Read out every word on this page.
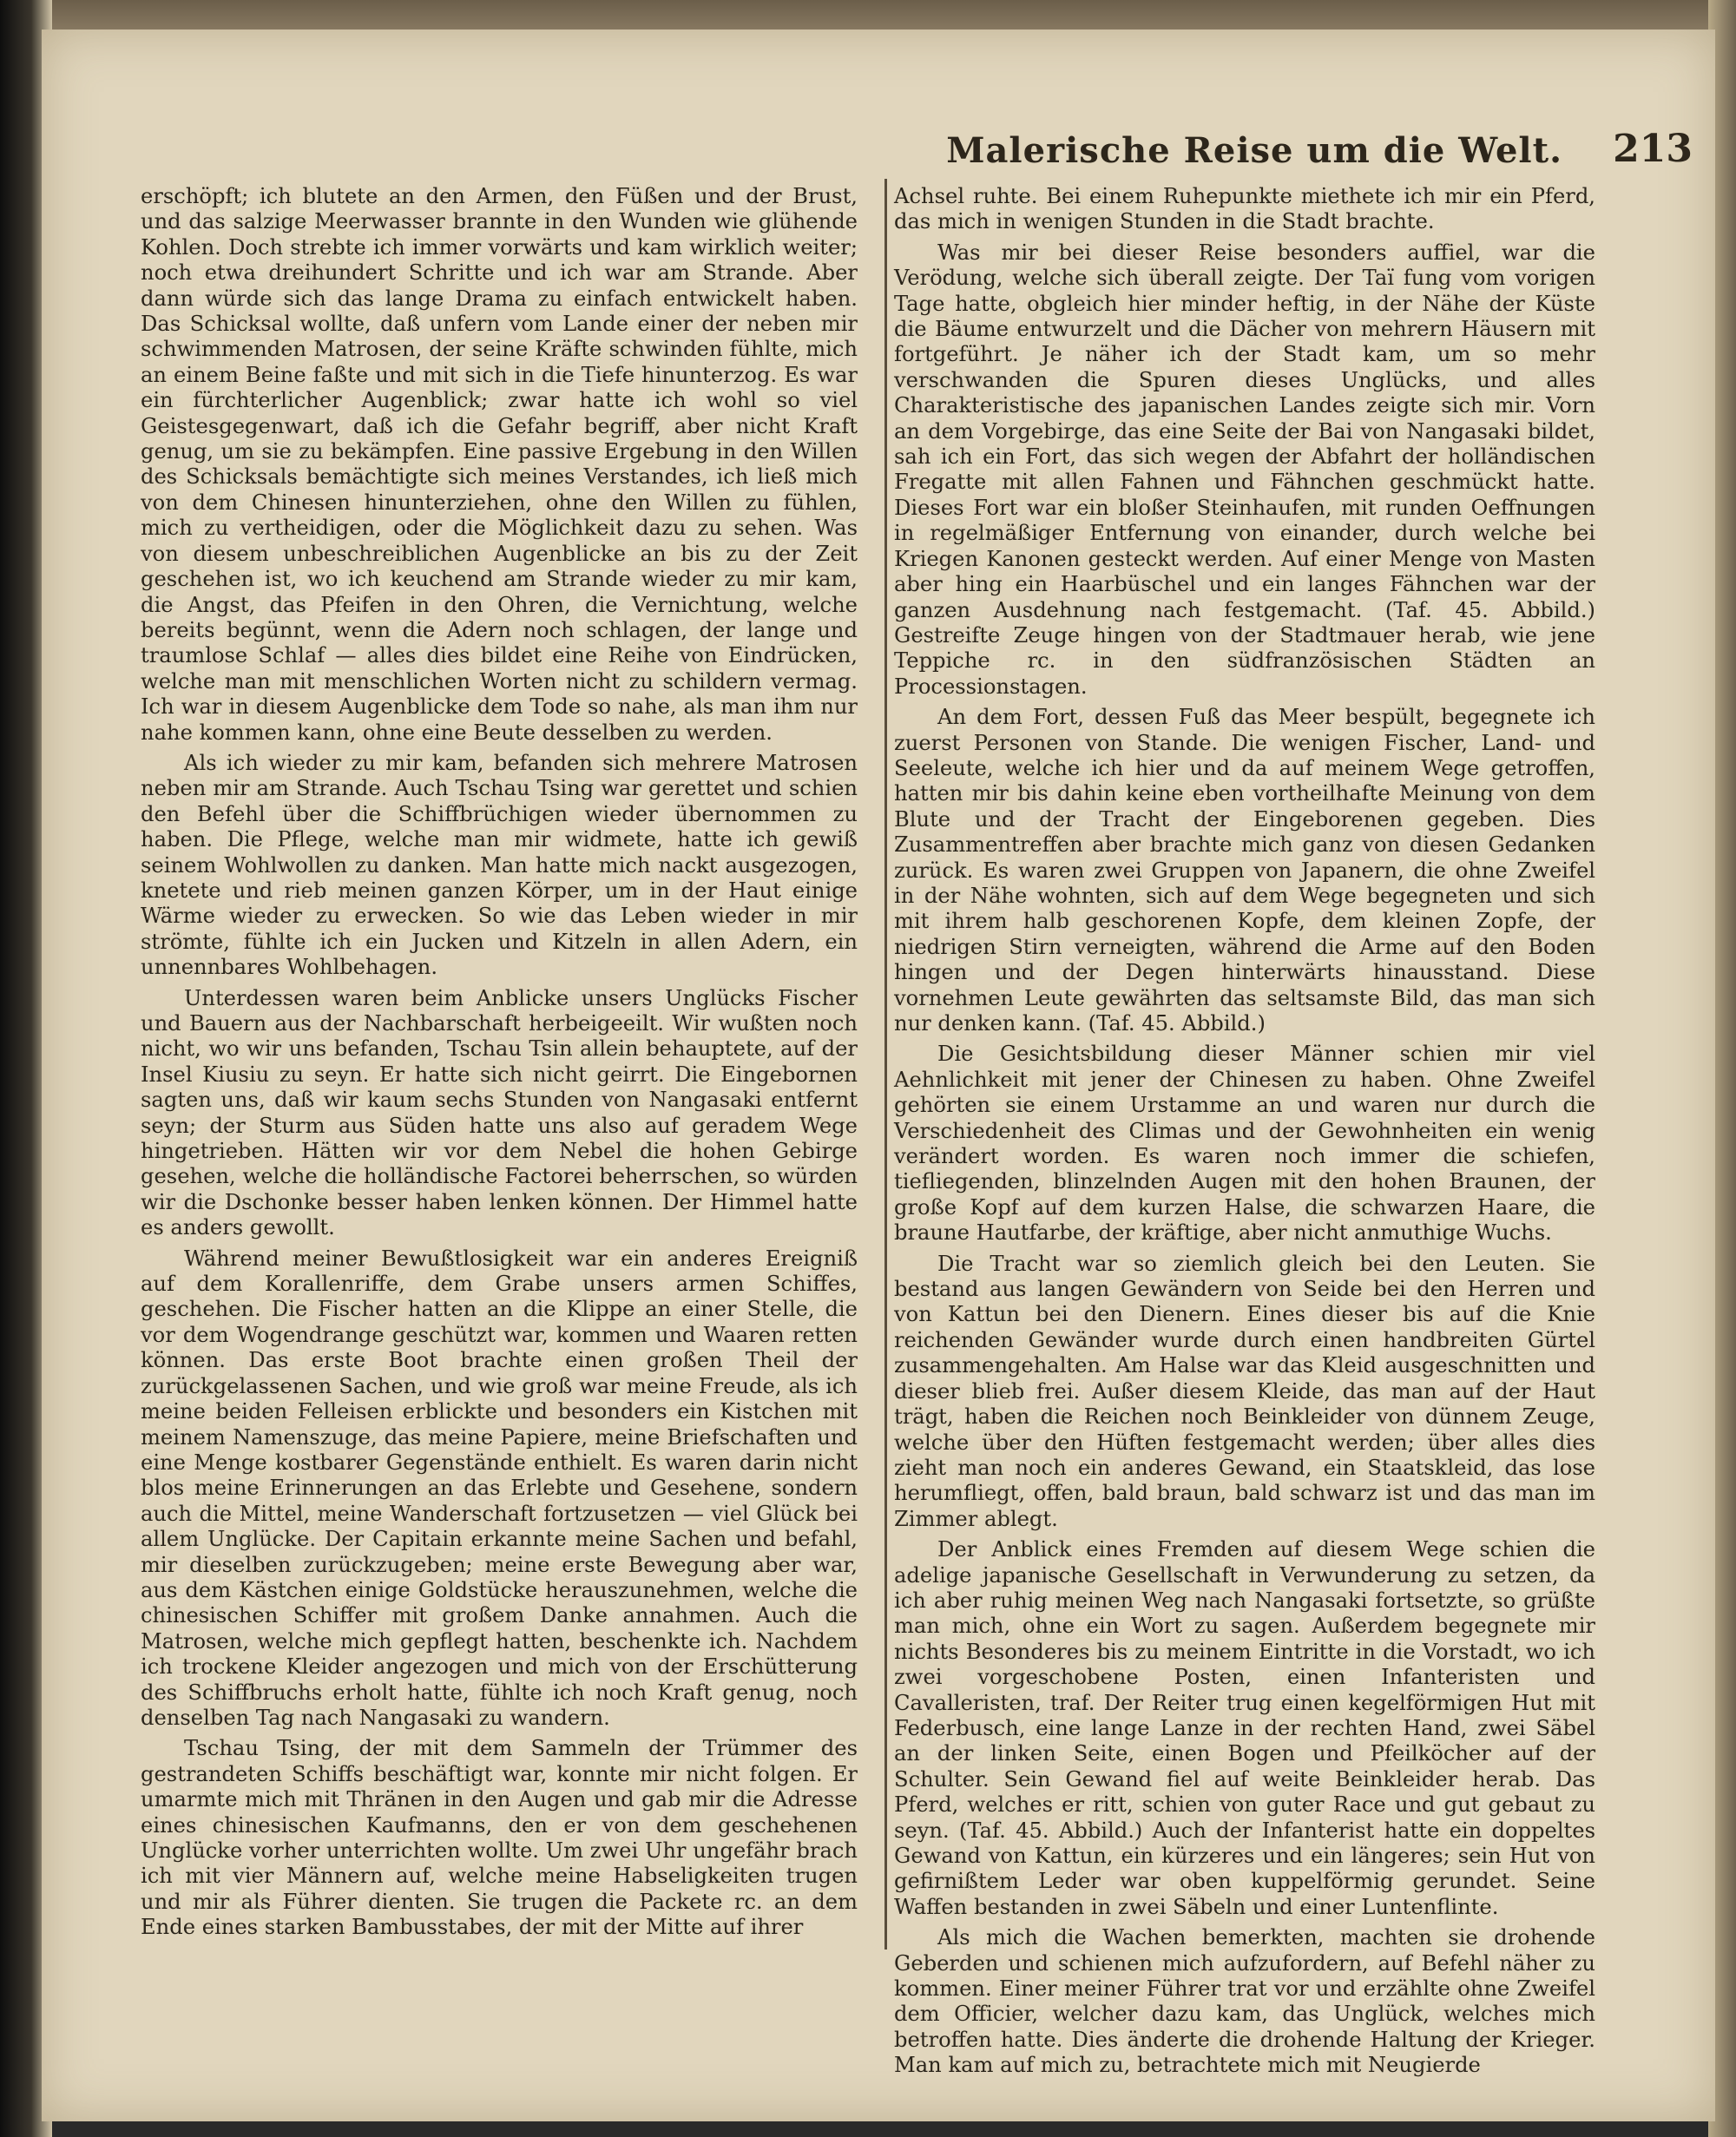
Malerische Reise um die Welt.	213

erschöpft; ich blutete an den Armen, den Füßen und der Brust, und das salzige Meerwasser brannte in den Wunden wie glühende Kohlen. Doch strebte ich immer vorwärts und kam wirklich weiter; noch etwa dreihundert Schritte und ich war am Strande. Aber dann würde sich das lange Drama zu einfach entwickelt haben. Das Schicksal wollte, daß unfern vom Lande einer der neben mir schwimmenden Matrosen, der seine Kräfte schwinden fühlte, mich an einem Beine faßte und mit sich in die Tiefe hinunterzog. Es war ein fürchterlicher Augenblick; zwar hatte ich wohl so viel Geistesgegenwart, daß ich die Gefahr begriff, aber nicht Kraft genug, um sie zu bekämpfen. Eine passive Ergebung in den Willen des Schicksals bemächtigte sich meines Verstandes, ich ließ mich von dem Chinesen hinunterziehen, ohne den Willen zu fühlen, mich zu vertheidigen, oder die Möglichkeit dazu zu sehen. Was von diesem unbeschreiblichen Augenblicke an bis zu der Zeit geschehen ist, wo ich keuchend am Strande wieder zu mir kam, die Angst, das Pfeifen in den Ohren, die Vernichtung, welche bereits begünnt, wenn die Adern noch schlagen, der lange und traumlose Schlaf — alles dies bildet eine Reihe von Eindrücken, welche man mit menschlichen Worten nicht zu schildern vermag. Ich war in diesem Augenblicke dem Tode so nahe, als man ihm nur nahe kommen kann, ohne eine Beute desselben zu werden.

Als ich wieder zu mir kam, befanden sich mehrere Matrosen neben mir am Strande. Auch Tschau Tsing war gerettet und schien den Befehl über die Schiffbrüchigen wieder übernommen zu haben. Die Pflege, welche man mir widmete, hatte ich gewiß seinem Wohlwollen zu danken. Man hatte mich nackt ausgezogen, knetete und rieb meinen ganzen Körper, um in der Haut einige Wärme wieder zu erwecken. So wie das Leben wieder in mir strömte, fühlte ich ein Jucken und Kitzeln in allen Adern, ein unnennbares Wohlbehagen.

Unterdessen waren beim Anblicke unsers Unglücks Fischer und Bauern aus der Nachbarschaft herbeigeeilt. Wir wußten noch nicht, wo wir uns befanden, Tschau Tsin allein behauptete, auf der Insel Kiusiu zu seyn. Er hatte sich nicht geirrt. Die Eingebornen sagten uns, daß wir kaum sechs Stunden von Nangasaki entfernt seyn; der Sturm aus Süden hatte uns also auf geradem Wege hingetrieben. Hätten wir vor dem Nebel die hohen Gebirge gesehen, welche die holländische Factorei beherrschen, so würden wir die Dschonke besser haben lenken können. Der Himmel hatte es anders gewollt.

Während meiner Bewußtlosigkeit war ein anderes Ereigniß auf dem Korallenriffe, dem Grabe unsers armen Schiffes, geschehen. Die Fischer hatten an die Klippe an einer Stelle, die vor dem Wogendrange geschützt war, kommen und Waaren retten können. Das erste Boot brachte einen großen Theil der zurückgelassenen Sachen, und wie groß war meine Freude, als ich meine beiden Felleisen erblickte und besonders ein Kistchen mit meinem Namenszuge, das meine Papiere, meine Briefschaften und eine Menge kostbarer Gegenstände enthielt. Es waren darin nicht blos meine Erinnerungen an das Erlebte und Gesehene, sondern auch die Mittel, meine Wanderschaft fortzusetzen — viel Glück bei allem Unglücke. Der Capitain erkannte meine Sachen und befahl, mir dieselben zurückzugeben; meine erste Bewegung aber war, aus dem Kästchen einige Goldstücke herauszunehmen, welche die chinesischen Schiffer mit großem Danke annahmen. Auch die Matrosen, welche mich gepflegt hatten, beschenkte ich. Nachdem ich trockene Kleider angezogen und mich von der Erschütterung des Schiffbruchs erholt hatte, fühlte ich noch Kraft genug, noch denselben Tag nach Nangasaki zu wandern.

Tschau Tsing, der mit dem Sammeln der Trümmer des gestrandeten Schiffs beschäftigt war, konnte mir nicht folgen. Er umarmte mich mit Thränen in den Augen und gab mir die Adresse eines chinesischen Kaufmanns, den er von dem geschehenen Unglücke vorher unterrichten wollte. Um zwei Uhr ungefähr brach ich mit vier Männern auf, welche meine Habseligkeiten trugen und mir als Führer dienten. Sie trugen die Packete rc. an dem Ende eines starken Bambusstabes, der mit der Mitte auf ihrer

Achsel ruhte. Bei einem Ruhepunkte miethete ich mir ein Pferd, das mich in wenigen Stunden in die Stadt brachte.

Was mir bei dieser Reise besonders auffiel, war die Verödung, welche sich überall zeigte. Der Taï fung vom vorigen Tage hatte, obgleich hier minder heftig, in der Nähe der Küste die Bäume entwurzelt und die Dächer von mehrern Häusern mit fortgeführt. Je näher ich der Stadt kam, um so mehr verschwanden die Spuren dieses Unglücks, und alles Charakteristische des japanischen Landes zeigte sich mir. Vorn an dem Vorgebirge, das eine Seite der Bai von Nangasaki bildet, sah ich ein Fort, das sich wegen der Abfahrt der holländischen Fregatte mit allen Fahnen und Fähnchen geschmückt hatte. Dieses Fort war ein bloßer Steinhaufen, mit runden Oeffnungen in regelmäßiger Entfernung von einander, durch welche bei Kriegen Kanonen gesteckt werden. Auf einer Menge von Masten aber hing ein Haarbüschel und ein langes Fähnchen war der ganzen Ausdehnung nach festgemacht. (Taf. 45. Abbild.) Gestreifte Zeuge hingen von der Stadtmauer herab, wie jene Teppiche rc. in den südfranzösischen Städten an Processionstagen.

An dem Fort, dessen Fuß das Meer bespült, begegnete ich zuerst Personen von Stande. Die wenigen Fischer, Land- und Seeleute, welche ich hier und da auf meinem Wege getroffen, hatten mir bis dahin keine eben vortheilhafte Meinung von dem Blute und der Tracht der Eingeborenen gegeben. Dies Zusammentreffen aber brachte mich ganz von diesen Gedanken zurück. Es waren zwei Gruppen von Japanern, die ohne Zweifel in der Nähe wohnten, sich auf dem Wege begegneten und sich mit ihrem halb geschorenen Kopfe, dem kleinen Zopfe, der niedrigen Stirn verneigten, während die Arme auf den Boden hingen und der Degen hinterwärts hinausstand. Diese vornehmen Leute gewährten das seltsamste Bild, das man sich nur denken kann. (Taf. 45. Abbild.)

Die Gesichtsbildung dieser Männer schien mir viel Aehnlichkeit mit jener der Chinesen zu haben. Ohne Zweifel gehörten sie einem Urstamme an und waren nur durch die Verschiedenheit des Climas und der Gewohnheiten ein wenig verändert worden. Es waren noch immer die schiefen, tiefliegenden, blinzelnden Augen mit den hohen Braunen, der große Kopf auf dem kurzen Halse, die schwarzen Haare, die braune Hautfarbe, der kräftige, aber nicht anmuthige Wuchs.

Die Tracht war so ziemlich gleich bei den Leuten. Sie bestand aus langen Gewändern von Seide bei den Herren und von Kattun bei den Dienern. Eines dieser bis auf die Knie reichenden Gewänder wurde durch einen handbreiten Gürtel zusammengehalten. Am Halse war das Kleid ausgeschnitten und dieser blieb frei. Außer diesem Kleide, das man auf der Haut trägt, haben die Reichen noch Beinkleider von dünnem Zeuge, welche über den Hüften festgemacht werden; über alles dies zieht man noch ein anderes Gewand, ein Staatskleid, das lose herumfliegt, offen, bald braun, bald schwarz ist und das man im Zimmer ablegt.

Der Anblick eines Fremden auf diesem Wege schien die adelige japanische Gesellschaft in Verwunderung zu setzen, da ich aber ruhig meinen Weg nach Nangasaki fortsetzte, so grüßte man mich, ohne ein Wort zu sagen. Außerdem begegnete mir nichts Besonderes bis zu meinem Eintritte in die Vorstadt, wo ich zwei vorgeschobene Posten, einen Infanteristen und Cavalleristen, traf. Der Reiter trug einen kegelförmigen Hut mit Federbusch, eine lange Lanze in der rechten Hand, zwei Säbel an der linken Seite, einen Bogen und Pfeilköcher auf der Schulter. Sein Gewand fiel auf weite Beinkleider herab. Das Pferd, welches er ritt, schien von guter Race und gut gebaut zu seyn. (Taf. 45. Abbild.) Auch der Infanterist hatte ein doppeltes Gewand von Kattun, ein kürzeres und ein längeres; sein Hut von gefirnißtem Leder war oben kuppelförmig gerundet. Seine Waffen bestanden in zwei Säbeln und einer Luntenflinte.

Als mich die Wachen bemerkten, machten sie drohende Geberden und schienen mich aufzufordern, auf Befehl näher zu kommen. Einer meiner Führer trat vor und erzählte ohne Zweifel dem Officier, welcher dazu kam, das Unglück, welches mich betroffen hatte. Dies änderte die drohende Haltung der Krieger. Man kam auf mich zu, betrachtete mich mit Neugierde
